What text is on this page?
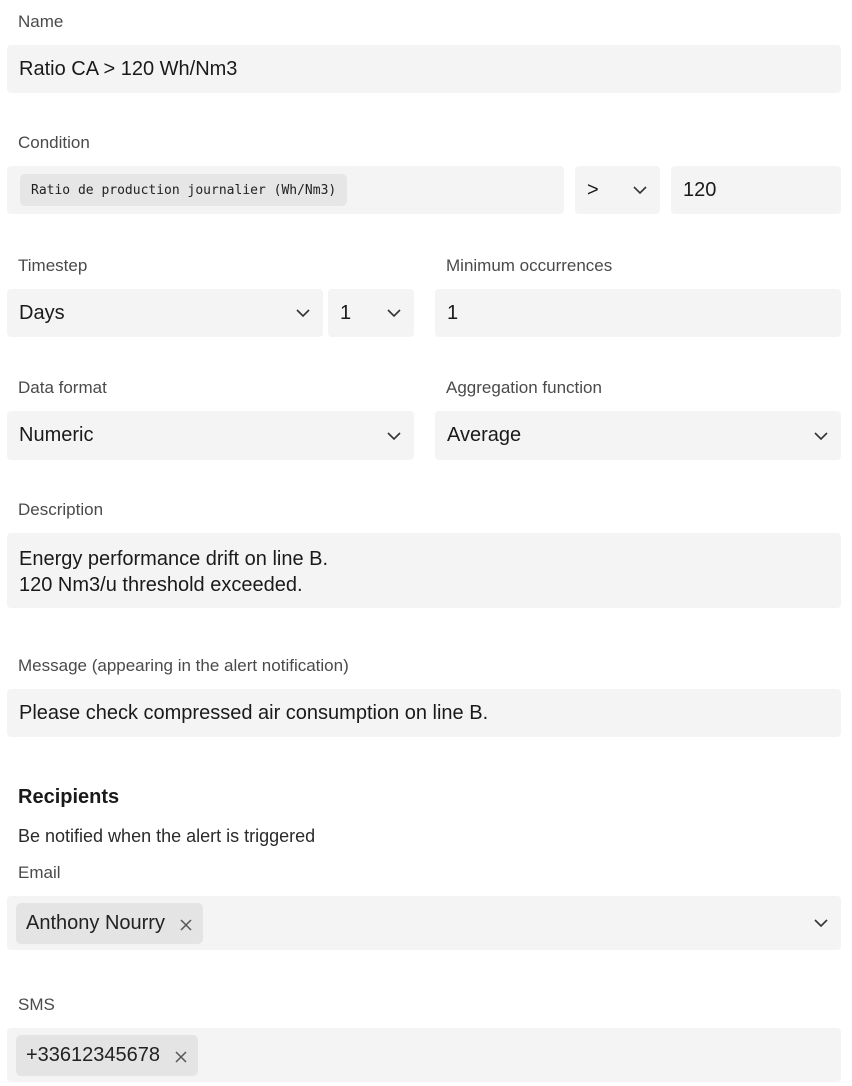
Name
Ratio CA > 120 Wh/Nm3
Condition
Ratio de production journalier (Wh/Nm3)	>	120
Timestep	Minimum occurrences
Days	1	1
Data format	Aggregation function
Numeric	Average
Description
Energy performance drift on line B.
120 Nm3/u threshold exceeded.
Message (appearing in the alert notification)
Please check compressed air consumption on line B.
Recipients
Be notified when the alert is triggered
Email
Anthony Nourry
SMS
+33612345678
